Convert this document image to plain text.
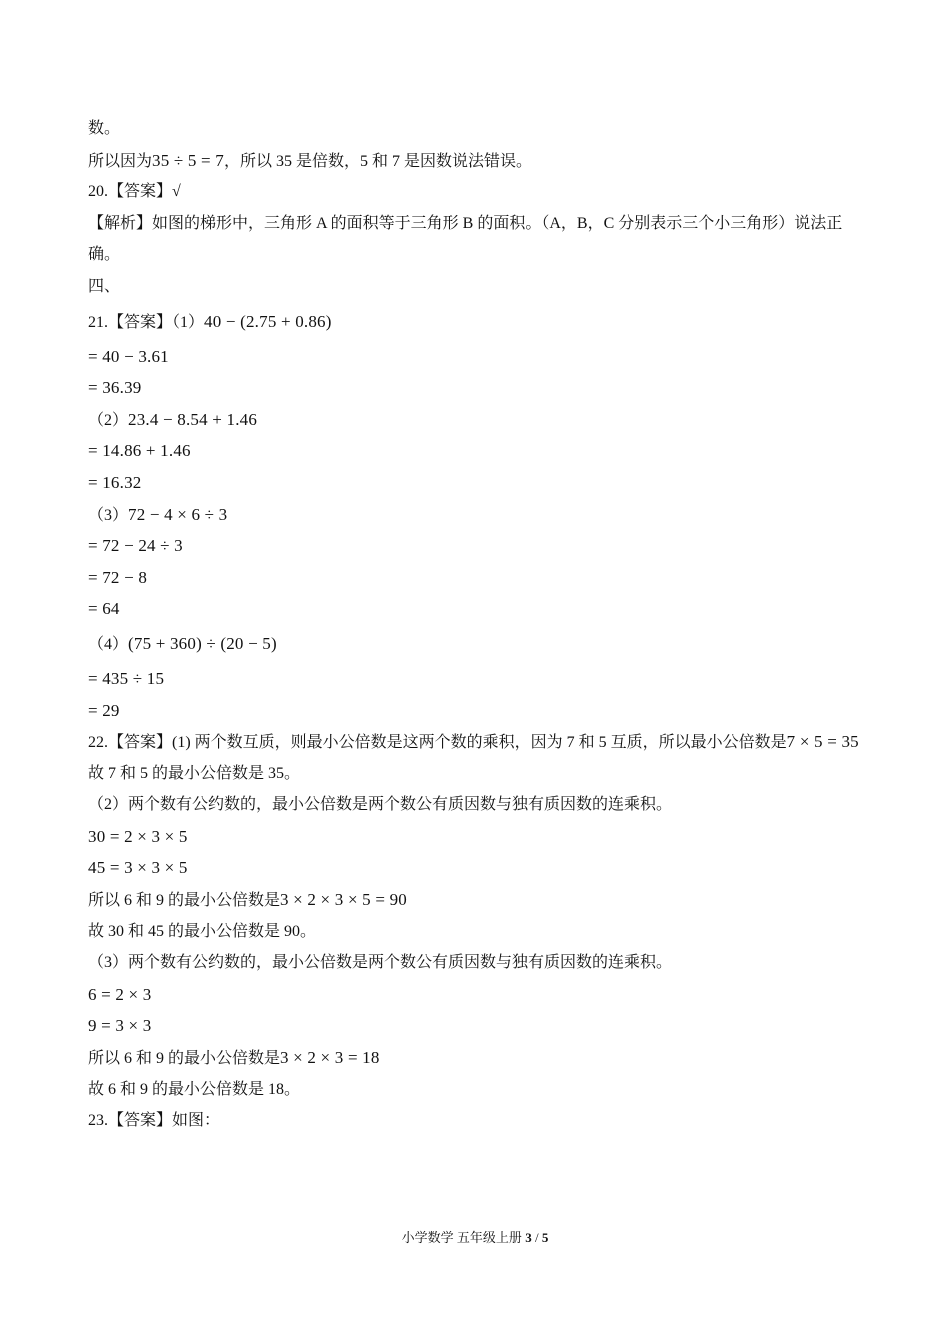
数。
所以因为35 ÷ 5 = 7，所以 35 是倍数，5 和 7 是因数说法错误。
20.【答案】√
【解析】如图的梯形中，三角形 A 的面积等于三角形 B 的面积。（A，B，C 分别表示三个小三角形）说法正确。
四、
21.【答案】（1）40 − (2.75 + 0.86)
= 40 − 3.61
= 36.39
（2）23.4 − 8.54 + 1.46
= 14.86 + 1.46
= 16.32
（3）72 − 4 × 6 ÷ 3
= 72 − 24 ÷ 3
= 72 − 8
= 64
（4）(75 + 360) ÷ (20 − 5)
= 435 ÷ 15
= 29
22.【答案】(1) 两个数互质，则最小公倍数是这两个数的乘积，因为 7 和 5 互质，所以最小公倍数是7 × 5 = 35
故 7 和 5 的最小公倍数是 35。
（2）两个数有公约数的，最小公倍数是两个数公有质因数与独有质因数的连乘积。
30 = 2 × 3 × 5
45 = 3 × 3 × 5
所以 6 和 9 的最小公倍数是3 × 2 × 3 × 5 = 90
故 30 和 45 的最小公倍数是 90。
（3）两个数有公约数的，最小公倍数是两个数公有质因数与独有质因数的连乘积。
6 = 2 × 3
9 = 3 × 3
所以 6 和 9 的最小公倍数是3 × 2 × 3 = 18
故 6 和 9 的最小公倍数是 18。
23.【答案】如图：
小学数学 五年级上册 3 / 5
